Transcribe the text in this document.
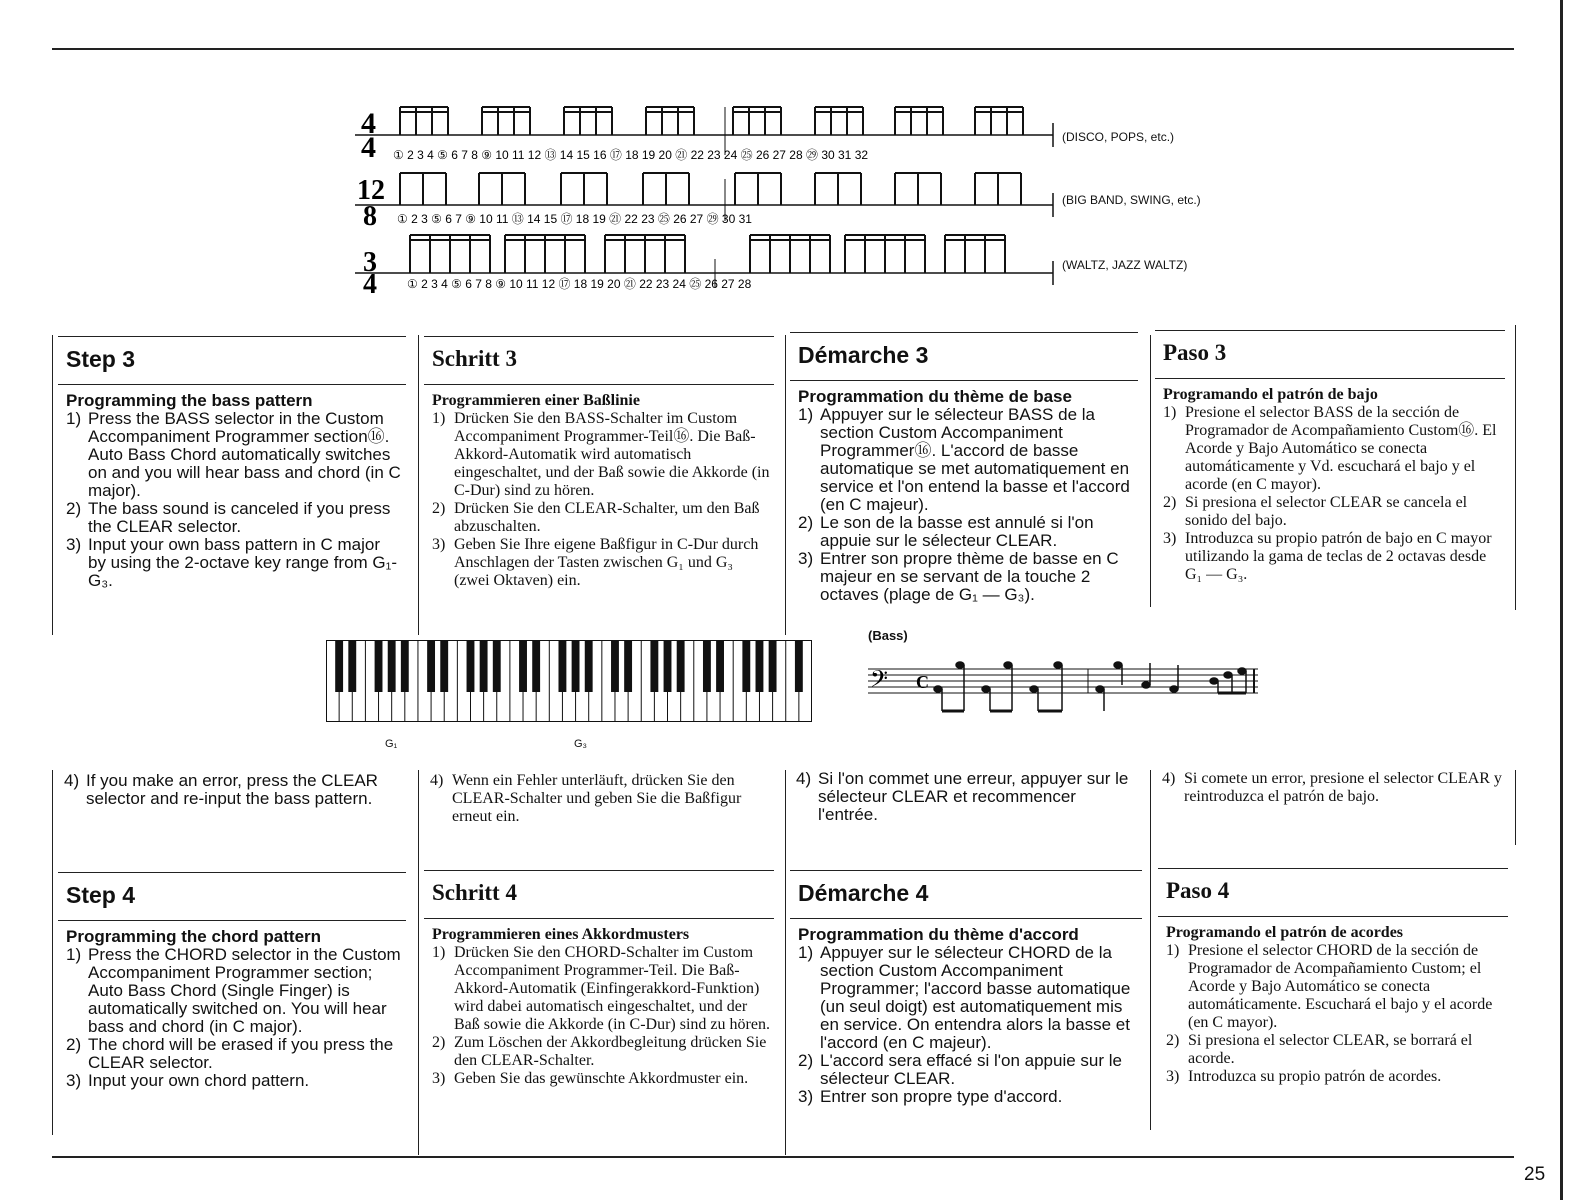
4
4 ① 2 3 4 ⑤ 6 7 8 ⑨ 10 11 12 ⑬ 14 15 16 ⑰ 18 19 20 ㉑ 22 23 24 ㉕ 26 27 28 ㉙ 30 31 32
12
8 ① 2 3 ⑤ 6 7 ⑨ 10 11 ⑬ 14 15 ⑰ 18 19 ㉑ 22 23 ㉕ 26 27 ㉙ 30 31
3
4	① 2 3 4 ⑤ 6 7 8 ⑨ 10 11 12 ⑰ 18 19 20 ㉑ 22 23 24 ㉕ 26 27 28
(DISCO, POPS, etc.)
(BIG BAND, SWING, etc.)
(WALTZ, JAZZ WALTZ)
Step 3
Programming the bass pattern
1) Press the BASS selector in the Custom Accompaniment Programmer section⑯. Auto Bass Chord automatically switches on and you will hear bass and chord (in C major).
2) The bass sound is canceled if you press the CLEAR selector.
3) Input your own bass pattern in C major by using the 2-octave key range from G₁-G₃.
Schritt 3
Programmieren einer Baßlinie
1) Drücken Sie den BASS-Schalter im Custom Accompaniment Programmer-Teil⑯. Die Baß-Akkord-Automatik wird automatisch eingeschaltet, und der Baß sowie die Akkorde (in C-Dur) sind zu hören.
2) Drücken Sie den CLEAR-Schalter, um den Baß abzuschalten.
3) Geben Sie Ihre eigene Baßfigur in C-Dur durch Anschlagen der Tasten zwischen G₁ und G₃ (zwei Oktaven) ein.
Démarche 3
Programmation du thème de base
1) Appuyer sur le sélecteur BASS de la section Custom Accompaniment Programmer⑯. L'accord de basse automatique se met automatiquement en service et l'on entend la basse et l'accord (en C majeur).
2) Le son de la basse est annulé si l'on appuie sur le sélecteur CLEAR.
3) Entrer son propre thème de basse en C majeur en se servant de la touche 2 octaves (plage de G₁ — G₃).
Paso 3
Programando el patrón de bajo
1) Presione el selector BASS de la sección de Programador de Acompañamiento Custom⑯. El Acorde y Bajo Automático se conecta automáticamente y Vd. escuchará el bajo y el acorde (en C mayor).
2) Si presiona el selector CLEAR se cancela el sonido del bajo.
3) Introduzca su propio patrón de bajo en C mayor utilizando la gama de teclas de 2 octavas desde G₁ — G₃.
G₁	G₃
(Bass)
𝄢 C
4) If you make an error, press the CLEAR selector and re-input the bass pattern.
4) Wenn ein Fehler unterläuft, drücken Sie den CLEAR-Schalter und geben Sie die Baßfigur erneut ein.
4) Si l'on commet une erreur, appuyer sur le sélecteur CLEAR et recommencer l'entrée.
4) Si comete un error, presione el selector CLEAR y reintroduzca el patrón de bajo.
Step 4
Programming the chord pattern
1) Press the CHORD selector in the Custom Accompaniment Programmer section; Auto Bass Chord (Single Finger) is automatically switched on. You will hear bass and chord (in C major).
2) The chord will be erased if you press the CLEAR selector.
3) Input your own chord pattern.
Schritt 4
Programmieren eines Akkordmusters
1) Drücken Sie den CHORD-Schalter im Custom Accompaniment Programmer-Teil. Die Baß-Akkord-Automatik (Einfingerakkord-Funktion) wird dabei automatisch eingeschaltet, und der Baß sowie die Akkorde (in C-Dur) sind zu hören.
2) Zum Löschen der Akkordbegleitung drücken Sie den CLEAR-Schalter.
3) Geben Sie das gewünschte Akkordmuster ein.
Démarche 4
Programmation du thème d'accord
1) Appuyer sur le sélecteur CHORD de la section Custom Accompaniment Programmer; l'accord basse automatique (un seul doigt) est automatiquement mis en service. On entendra alors la basse et l'accord (en C majeur).
2) L'accord sera effacé si l'on appuie sur le sélecteur CLEAR.
3) Entrer son propre type d'accord.
Paso 4
Programando el patrón de acordes
1) Presione el selector CHORD de la sección de Programador de Acompañamiento Custom; el Acorde y Bajo Automático se conecta automáticamente. Escuchará el bajo y el acorde (en C mayor).
2) Si presiona el selector CLEAR, se borrará el acorde.
3) Introduzca su propio patrón de acordes.
25
